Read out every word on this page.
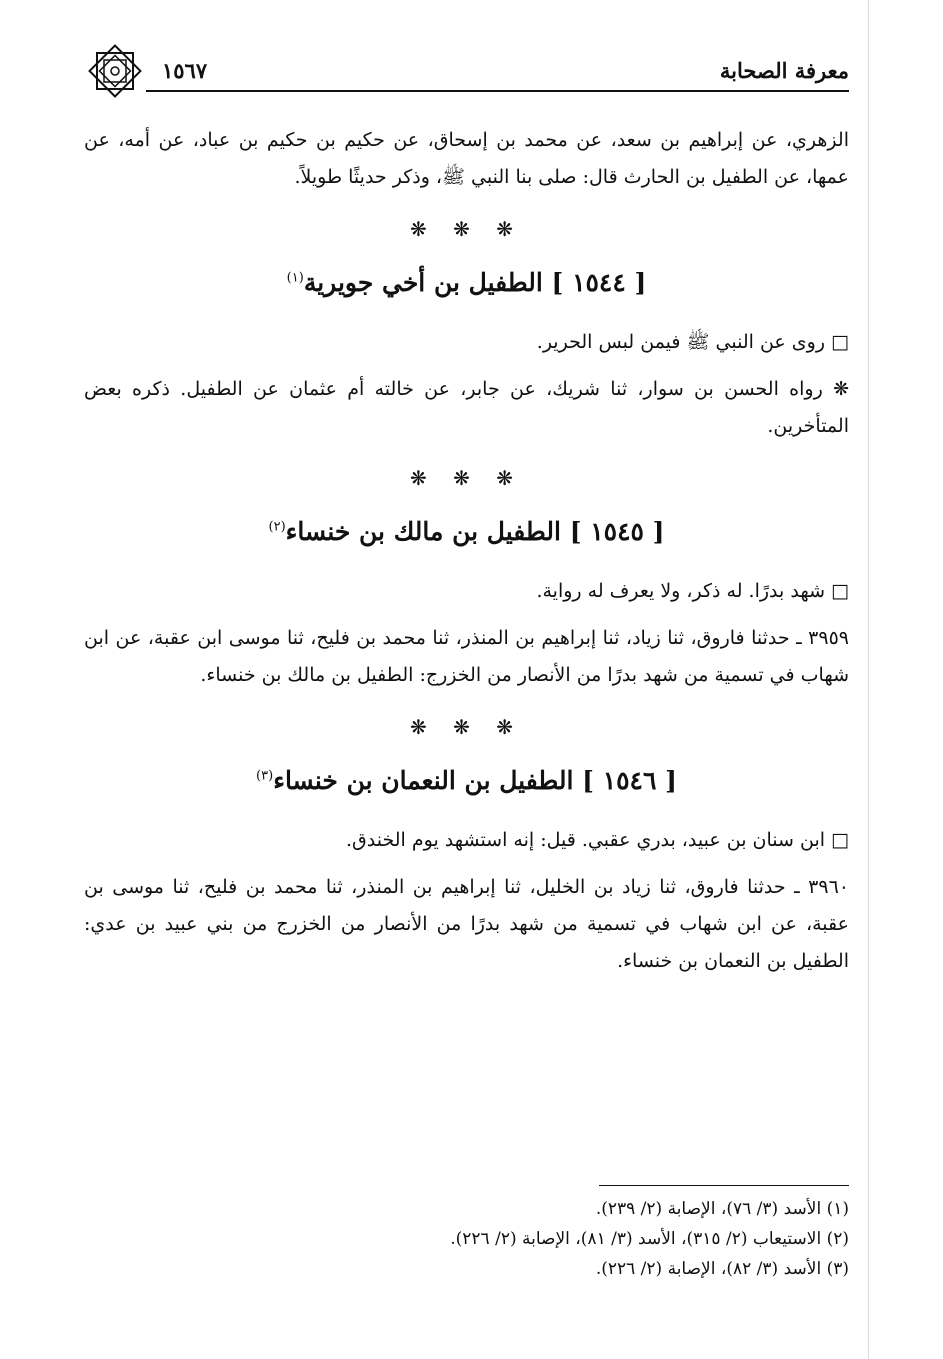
معرفة الصحابة
١٥٦٧

الزهري، عن إبراهيم بن سعد، عن محمد بن إسحاق، عن حكيم بن حكيم بن عباد، عن أمه، عن عمها، عن الطفيل بن الحارث قال: صلى بنا النبي ﷺ، وذكر حديثًا طويلاً.

❋ ❋ ❋
[ ١٥٤٤ ] الطفيل بن أخي جويرية$^{(١)}$

□ روى عن النبي ﷺ فيمن لبس الحرير.

❋ رواه الحسن بن سوار، ثنا شريك، عن جابر، عن خالته أم عثمان عن الطفيل. ذكره بعض المتأخرين.

❋ ❋ ❋
[ ١٥٤٥ ] الطفيل بن مالك بن خنساء$^{(٢)}$

□ شهد بدرًا. له ذكر، ولا يعرف له رواية.

٣٩٥٩ ـ حدثنا فاروق، ثنا زياد، ثنا إبراهيم بن المنذر، ثنا محمد بن فليح، ثنا موسى ابن عقبة، عن ابن شهاب في تسمية من شهد بدرًا من الأنصار من الخزرج: الطفيل بن مالك بن خنساء.

❋ ❋ ❋
[ ١٥٤٦ ] الطفيل بن النعمان بن خنساء$^{(٣)}$

□ ابن سنان بن عبيد، بدري عقبي. قيل: إنه استشهد يوم الخندق.

٣٩٦٠ ـ حدثنا فاروق، ثنا زياد بن الخليل، ثنا إبراهيم بن المنذر، ثنا محمد بن فليح، ثنا موسى بن عقبة، عن ابن شهاب في تسمية من شهد بدرًا من الأنصار من الخزرج من بني عبيد بن عدي: الطفيل بن النعمان بن خنساء.

(١) الأسد (٣/ ٧٦)، الإصابة (٢/ ٢٣٩).
(٢) الاستيعاب (٢/ ٣١٥)، الأسد (٣/ ٨١)، الإصابة (٢/ ٢٢٦).
(٣) الأسد (٣/ ٨٢)، الإصابة (٢/ ٢٢٦).
